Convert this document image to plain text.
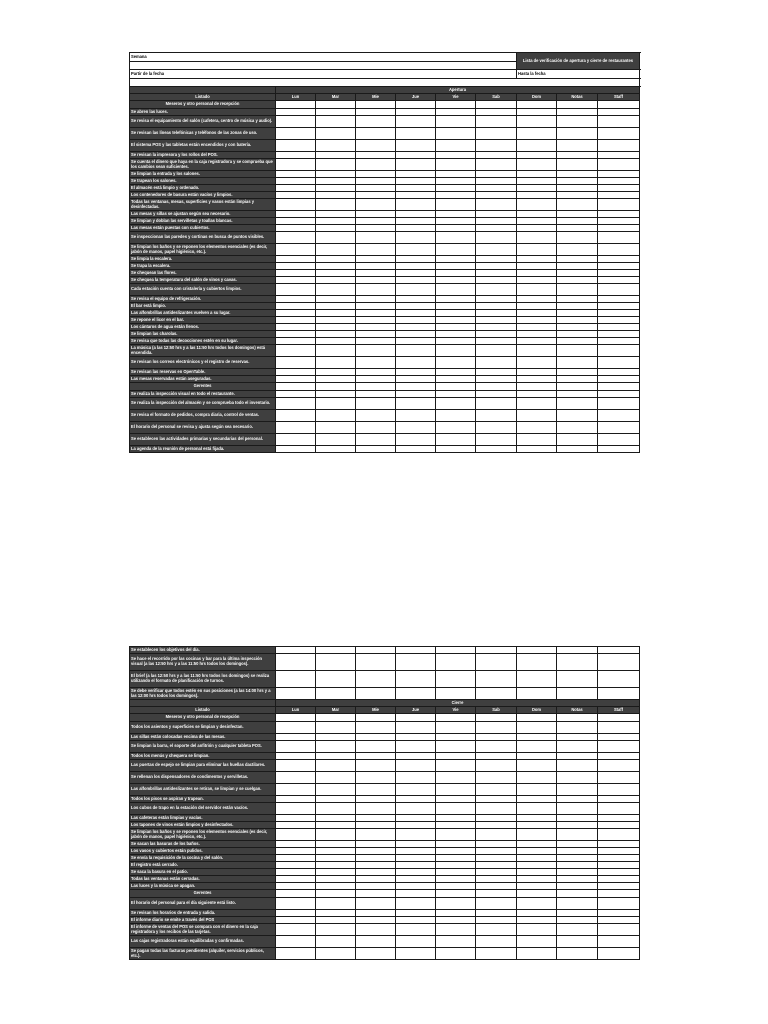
Semana							Lista de verificación de apertura y cierre de restaurantes		

Partir de la fecha							Hasta la fecha		

	Apertura								
Listado	Lun	Mar	Mie	Jue	Vie	Sab	Dom	Notas	Staff
Meseros y otro personal de recepción									
Se abren las luces.									
Se revisa el equipamiento del salón (cafetera, centro de música y audio).									
Se revisan las líneas telefónicas y teléfonos de las zonas de uso.									
El sistema POS y las tabletas están encendidos y con batería.									
Se revisan la impresora y los rollos del POS.									
Se cuenta el dinero que haya en la caja registradora y se comprueba que los cambios sean suficientes.									
Se limpian la entrada y los salones.									
Se trapean los salones.									
El almacén está limpio y ordenado.									
Los contenedores de basura están vacíos y limpios.									
Todas las ventanas, mesas, superficies y vasos están limpias y desinfectadas.									
Las mesas y sillas se ajustan según sea necesario.									
Se limpian y doblan las servilletas y toallas blancas.									
Las mesas están puestas con cubiertos.									
Se inspeccionan las paredes y cortinas en busca de puntos visibles.									
Se limpian los baños y se reponen los elementos esenciales (es decir, jabón de manos, papel higiénico, etc.).									
Se limpia la escalera.									
Se trapa la escalera.									
Se chequean las flores.									
Se chequea la temperatura del salón de vinos y cavas.									
Cada estación cuenta con cristalería y cubiertos limpios.									
Se revisa el equipo de refrigeración.									
El bar está limpio.									
Las alfombrillas antideslizantes vuelven a su lugar.									
Se repone el licor en el bar.									
Los cántaros de agua están llenos.									
Se limpian las charolas.									
Se revisa que todas las decocciones estén en su lugar.									
La música (a las 12:50 hrs y a las 11:50 hrs todos los domingos) está encendida.									
Se revisan los correos electrónicos y el registro de reservas.									
Se revisan las reservas en OpenTable.									
Las mesas reservadas están aseguradas.									
Gerentes									
Se realiza la inspección visual en todo el restaurante.									
Se realiza la inspección del almacén y se comprueba todo el inventario.									
Se revisa el formato de pedidos, compra diaria, control de ventas.									
El horario del personal se revisa y ajusta según sea necesario.									
Se establecen las actividades primarias y secundarias del personal.									
La agenda de la reunión de personal está fijada.									
Se establecen los objetivos del día.									
Se hace el recorrido por las cocinas y bar para la última inspección visual (a las 12:50 hrs y a las 11:50 hrs todos los domingos).									
El brief (a las 12:50 hrs y a las 11:50 hrs todos los domingos) se realiza utilizando el formato de planificación de turnos.									
Se debe verificar que todos estén en sus posiciones (a las 14:00 hrs y a las 12:00 hrs todos los domingos).									
	Cierre								
Listado	Lun	Mar	Mie	Jue	Vie	Sab	Dom	Notas	Staff
Meseros y otro personal de recepción									
Todos los asientos y superficies se limpian y desinfectan.									
Las sillas están colocadas encima de las mesas.									
Se limpian la barra, el soporte del anfitrión y cualquier tableta POS.									
Todos los menús y chequera se limpian.									
Las puertas de espejo se limpian para eliminar las huellas dactilares.									
Se rellenan los dispensadores de condimentos y servilletas.									
Las alfombrillas antideslizantes se retiran, se limpian y se cuelgan.									
Todos los pisos se aspiran y trapean.									
Los cubos de trapo en la estación del servidor están vacíos.									
Las cafeteras están limpias y vacías.									
Los tapones de vinos están limpios y desinfectados.									
Se limpian los baños y se reponen los elementos esenciales (es decir, jabón de manos, papel higiénico, etc.).									
Se sacan las basuras de los baños.									
Los vasos y cubiertos están pulidos.									
Se envía la requisición de la cocina y del salón.									
El registro está cerrado.									
Se saca la basura en el patio.									
Todas las ventanas están cerradas.									
Las luces y la música se apagan.									
Gerentes									
El horario del personal para el día siguiente está listo.									
Se revisan los horarios de entrada y salida.									
El informe diario se emite a través del POS									
El informe de ventas del POS se compara con el dinero en la caja registradora y los recibos de las tarjetas.									
Las cajas registradoras están equilibradas y confirmadas.									
Se pagan todas las facturas pendientes (alquiler, servicios públicos, etc.).									
